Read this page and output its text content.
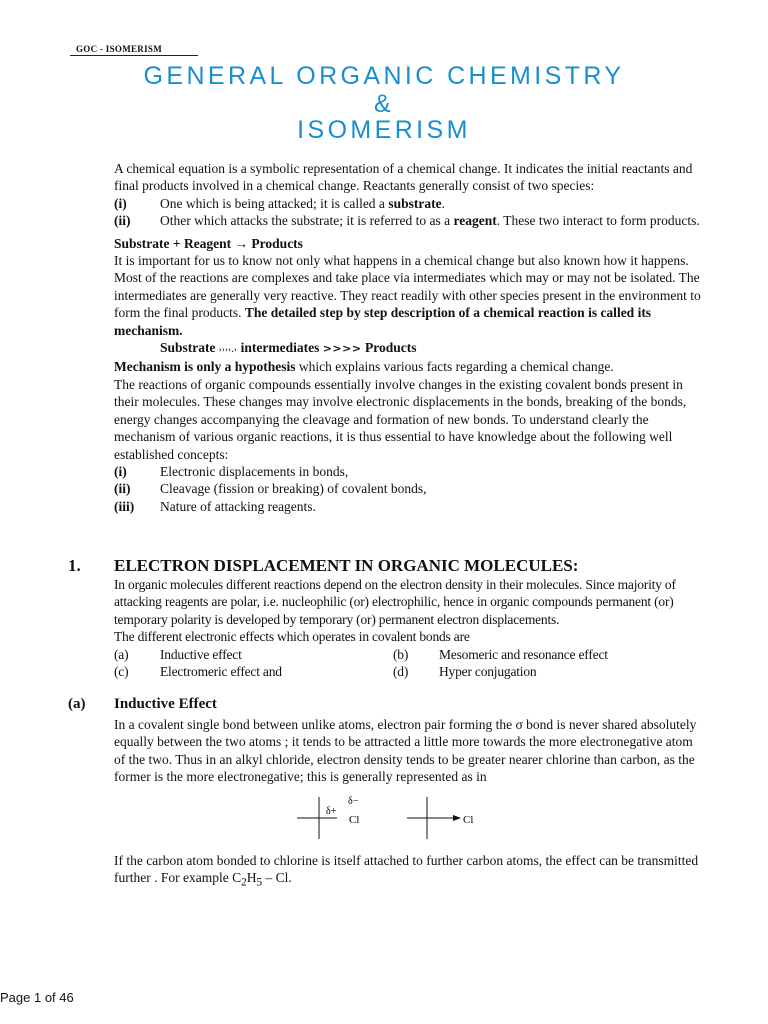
GOC - ISOMERISM
GENERAL ORGANIC CHEMISTRY
&
ISOMERISM

A chemical equation is a symbolic representation of a chemical change. It indicates the initial reactants and final products involved in a chemical change. Reactants generally consist of two species:

(i) One which is being attacked; it is called a substrate.
(ii) Other which attacks the substrate; it is referred to as a reagent. These two interact to form products.

Substrate + Reagent → Products

It is important for us to know not only what happens in a chemical change but also known how it happens. Most of the reactions are complexes and take place via intermediates which may or may not be isolated. The intermediates are generally very reactive. They react readily with other species present in the environment to form the final products. The detailed step by step description of a chemical reaction is called its mechanism.

Substrate ››››.› intermediates >>>> Products

Mechanism is only a hypothesis which explains various facts regarding a chemical change.

The reactions of organic compounds essentially involve changes in the existing covalent bonds present in their molecules. These changes may involve electronic displacements in the bonds, breaking of the bonds, energy changes accompanying the cleavage and formation of new bonds. To understand clearly the mechanism of various organic reactions, it is thus essential to have knowledge about the following well established concepts:

(i) Electronic displacements in bonds,
(ii) Cleavage (fission or breaking) of covalent bonds,
(iii) Nature of attacking reagents.
1. ELECTRON DISPLACEMENT IN ORGANIC MOLECULES:

In organic molecules different reactions depend on the electron density in their molecules. Since majority of attacking reagents are polar, i.e. nucleophilic (or) electrophilic, hence in organic compounds permanent (or) temporary polarity is developed by temporary (or) permanent electron displacements.

The different electronic effects which operates in covalent bonds are

(a)	Inductive effect	(b)	Mesomeric and resonance effect
(c)	Electromeric effect and	(d)	Hyper conjugation
(a) Inductive Effect

In a covalent single bond between unlike atoms, electron pair forming the σ bond is never shared absolutely equally between the two atoms ; it tends to be attracted a little more towards the more electronegative atom of the two. Thus in an alkyl chloride, electron density tends to be greater nearer chlorine than carbon, as the former is the more electronegative; this is generally represented as in

δ+
δ−
Cl	Cl

If the carbon atom bonded to chlorine is itself attached to further carbon atoms, the effect can be transmitted further . For example $C_2H_5$ – Cl.

Page 1 of 46
